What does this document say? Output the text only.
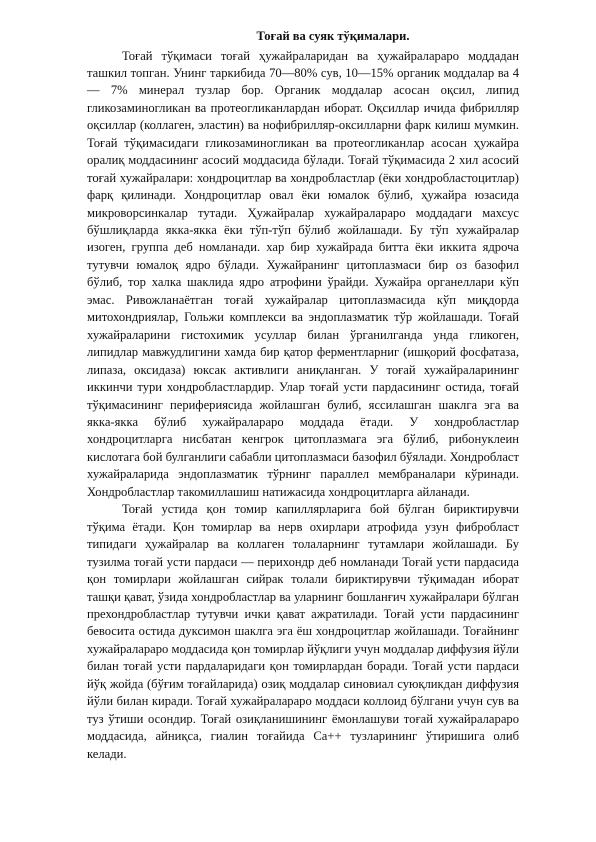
Тоғай ва суяк тўқималари.

Тоғай тўқимаси тоғай ҳужайраларидан ва ҳужайралараро моддадан ташкил топган. Унинг таркибида 70—80% сув, 10—15% органик моддалар ва 4— 7% минерал тузлар бор. Органик моддалар асосан оқсил, липид гликозаминогликан ва протеогликанлардан иборат. Оқсиллар ичида фибрилляр оқсиллар (коллаген, эластин) ва нофибрилляр-оксилларни фарк килиш мумкин. Тоғай тўқимасидаги гликозаминогликан ва протеогликанлар асосан ҳужайра оралиқ моддасининг асосий моддасида бўлади. Тоғай тўқимасида 2 хил асосий тоғай хужайралари: хондроцитлар ва хондробластлар (ёки хондробластоцитлар) фарқ қилинади. Хондроцитлар овал ёки юмалок бўлиб, ҳужайра юзасида микроворсинкалар тутади. Ҳужайралар хужайралараро моддадаги махсус бўшлиқларда якка-якка ёки тўп-тўп бўлиб жойлашади. Бу тўп хужайралар изоген, группа деб номланади. хар бир хужайрада битта ёки иккита ядроча тутувчи юмалоқ ядро бўлади. Хужайранинг цитоплазмаси бир оз базофил бўлиб, тор халка шаклида ядро атрофини ўрайди. Хужайра органеллари кўп эмас. Ривожланаётган тоғай хужайралар цитоплазмасида кўп миқдорда митохондриялар, Гольжи комплекси ва эндоплазматик тўр жойлашади. Тоғай хужайраларини гистохимик усуллар билан ўрганилганда унда гликоген, липидлар мавжудлигини хамда бир қатор ферментларниг (ишқорий фосфатаза, липаза, оксидаза) юксак активлиги аниқланган. У тоғай хужайраларининг иккинчи тури хондробластлардир. Улар тоғай усти пардасининг остида, тоғай тўқимасининг периферияcида жойлашган булиб, яссилашган шаклга эга ва якка-якка бўлиб хужайралараро моддада ётади. У хондробластлар хондроцитларга нисбатан кенгрок цитоплазмага эга бўлиб, рибонуклеин кислотага бой булганлиги сабабли цитоплазмаси базофил бўялади. Хондробласт хужайраларида эндоплазматик тўрнинг параллел мембраналари кўринади. Хондробластлар такомиллашиш натижасида хондроцитларга айланади.

Тоғай устида қон томир капиллярларига бой бўлган бириктирувчи тўқима ётади. Қон томирлар ва нерв охирлари атрофида узун фибробласт типидаги ҳужайралар ва коллаген толаларнинг тутамлари жойлашади. Бу тузилма тоғай усти пардаси — перихондр деб номланади Тоғай усти пардасида қон томирлари жойлашган сийрак толали бириктирувчи тўқимадан иборат ташқи қават, ўзида хондробластлар ва уларнинг бошланғич хужайралари бўлган прехондробластлар тутувчи ички қават ажратилади. Тоғай усти пардасининг бевосита остида дуксимон шаклга эга ёш хондроцитлар жойлашади. Тоғайнинг хужайралараро моддасида қон томирлар йўқлиги учун моддалар диффузия йўли билан тоғай усти пардаларидаги қон томирлардан боради. Тоғай усти пардаси йўқ жойда (бўғим тоғайларида) озиқ моддалар синовиал суюқликдан диффузия йўли билан киради. Тоғай хужайралараро моддаси коллоид бўлгани учун сув ва туз ўтиши осондир. Тоғай озиқланишининг ёмонлашуви тоғай хужайралараро моддасида, айниқса, гиалин тоғайида Са++ тузларининг ўтиришига олиб келади.
